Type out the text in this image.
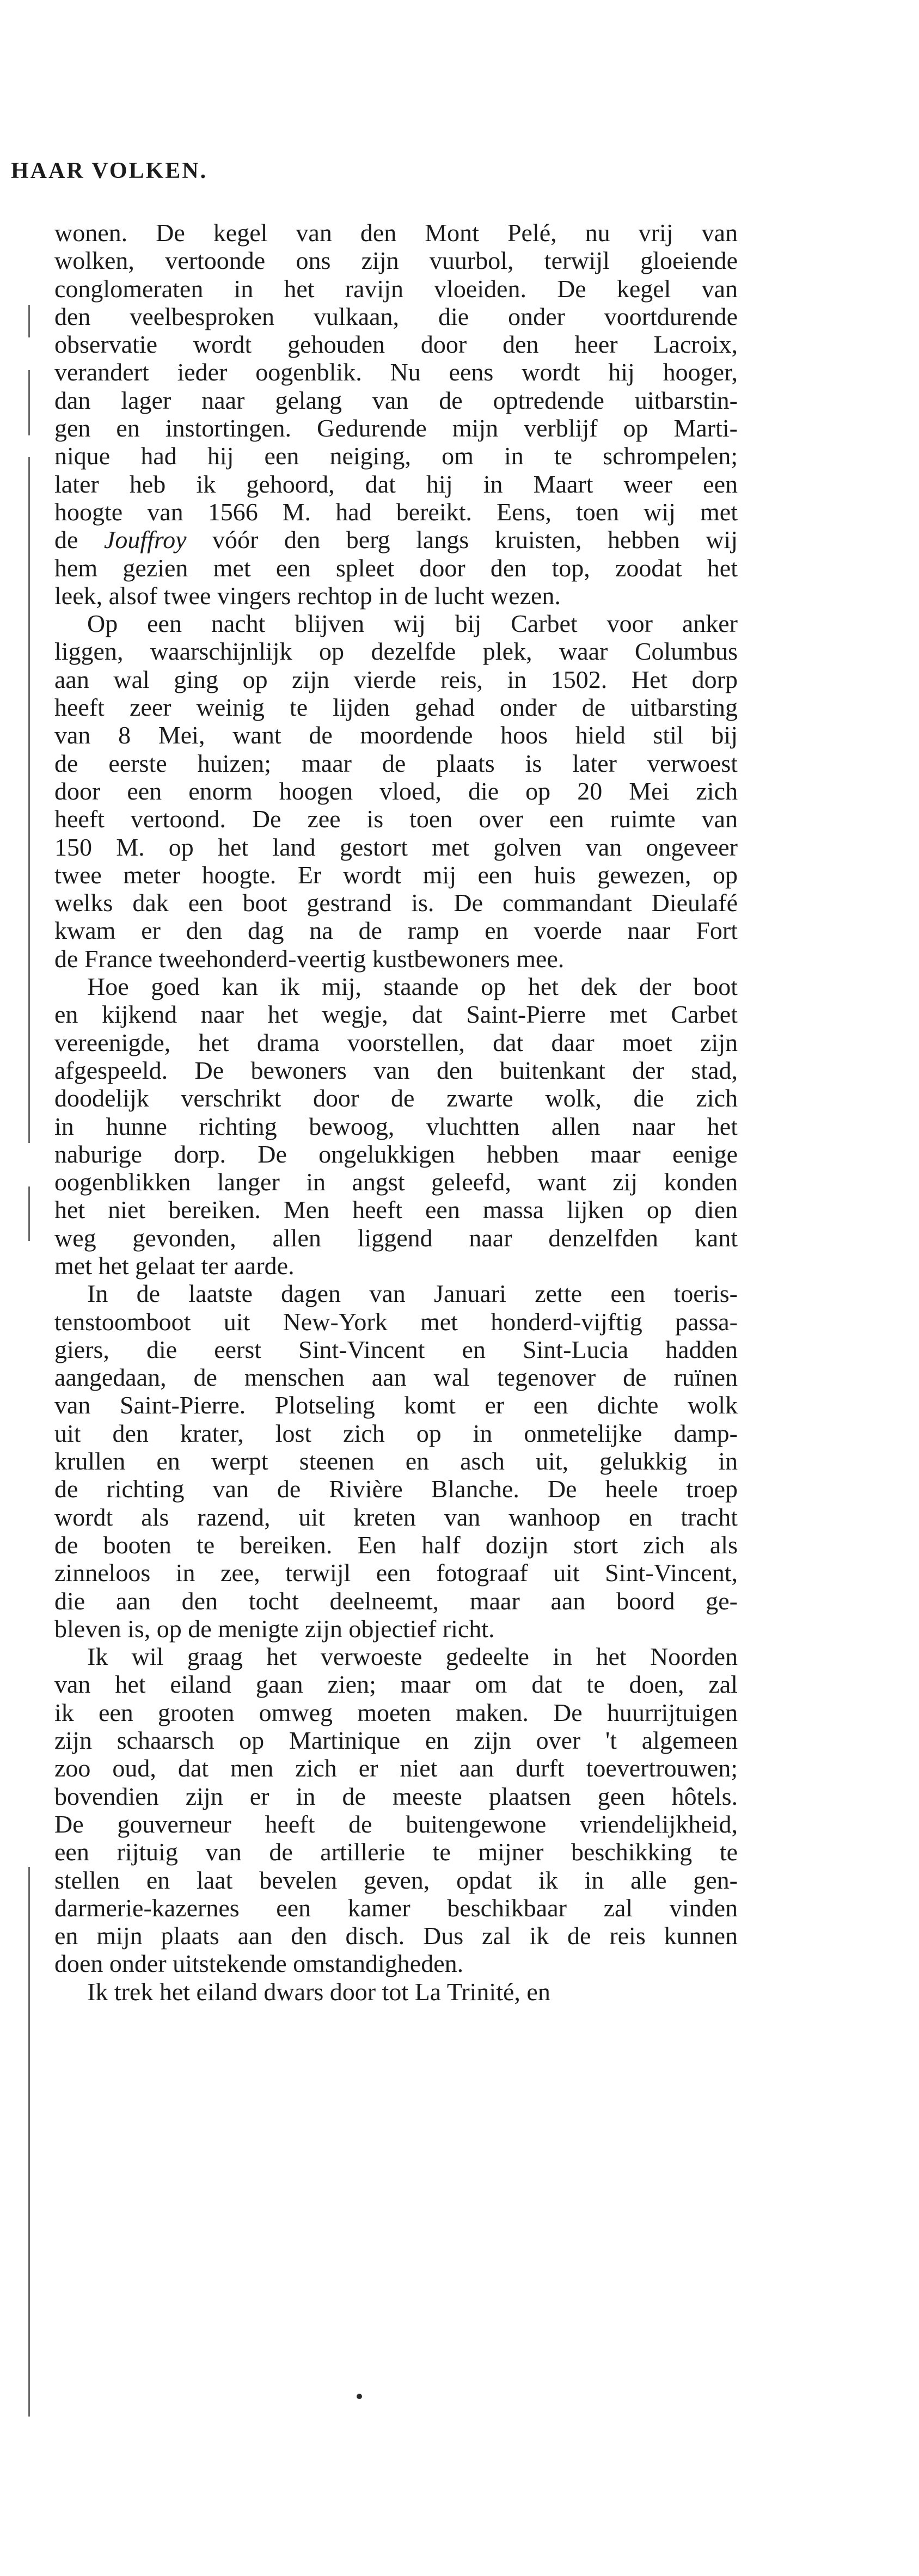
HAAR VOLKEN.
wonen. De kegel van den Mont Pelé, nu vrij van
wolken, vertoonde ons zijn vuurbol, terwijl gloeiende
conglomeraten in het ravijn vloeiden. De kegel van
den veelbesproken vulkaan, die onder voortdurende
observatie wordt gehouden door den heer Lacroix,
verandert ieder oogenblik. Nu eens wordt hij hooger,
dan lager naar gelang van de optredende uitbarstin-
gen en instortingen. Gedurende mijn verblijf op Marti-
nique had hij een neiging, om in te schrompelen;
later heb ik gehoord, dat hij in Maart weer een
hoogte van 1566 M. had bereikt. Eens, toen wij met
de Jouffroy vóór den berg langs kruisten, hebben wij
hem gezien met een spleet door den top, zoodat het
leek, alsof twee vingers rechtop in de lucht wezen.
Op een nacht blijven wij bij Carbet voor anker
liggen, waarschijnlijk op dezelfde plek, waar Columbus
aan wal ging op zijn vierde reis, in 1502. Het dorp
heeft zeer weinig te lijden gehad onder de uitbarsting
van 8 Mei, want de moordende hoos hield stil bij
de eerste huizen; maar de plaats is later verwoest
door een enorm hoogen vloed, die op 20 Mei zich
heeft vertoond. De zee is toen over een ruimte van
150 M. op het land gestort met golven van ongeveer
twee meter hoogte. Er wordt mij een huis gewezen, op
welks dak een boot gestrand is. De commandant Dieulafé
kwam er den dag na de ramp en voerde naar Fort
de France tweehonderd-veertig kustbewoners mee.
Hoe goed kan ik mij, staande op het dek der boot
en kijkend naar het wegje, dat Saint-Pierre met Carbet
vereenigde, het drama voorstellen, dat daar moet zijn
afgespeeld. De bewoners van den buitenkant der stad,
doodelijk verschrikt door de zwarte wolk, die zich
in hunne richting bewoog, vluchtten allen naar het
naburige dorp. De ongelukkigen hebben maar eenige
oogenblikken langer in angst geleefd, want zij konden
het niet bereiken. Men heeft een massa lijken op dien
weg gevonden, allen liggend naar denzelfden kant
met het gelaat ter aarde.
In de laatste dagen van Januari zette een toeris-
tenstoomboot uit New-York met honderd-vijftig passa-
giers, die eerst Sint-Vincent en Sint-Lucia hadden
aangedaan, de menschen aan wal tegenover de ruïnen
van Saint-Pierre. Plotseling komt er een dichte wolk
uit den krater, lost zich op in onmetelijke damp-
krullen en werpt steenen en asch uit, gelukkig in
de richting van de Rivière Blanche. De heele troep
wordt als razend, uit kreten van wanhoop en tracht
de booten te bereiken. Een half dozijn stort zich als
zinneloos in zee, terwijl een fotograaf uit Sint-Vincent,
die aan den tocht deelneemt, maar aan boord ge-
bleven is, op de menigte zijn objectief richt.
Ik wil graag het verwoeste gedeelte in het Noorden
van het eiland gaan zien; maar om dat te doen, zal
ik een grooten omweg moeten maken. De huurrijtuigen
zijn schaarsch op Martinique en zijn over 't algemeen
zoo oud, dat men zich er niet aan durft toevertrouwen;
bovendien zijn er in de meeste plaatsen geen hôtels.
De gouverneur heeft de buitengewone vriendelijkheid,
een rijtuig van de artillerie te mijner beschikking te
stellen en laat bevelen geven, opdat ik in alle gen-
darmerie-kazernes een kamer beschikbaar zal vinden
en mijn plaats aan den disch. Dus zal ik de reis kunnen
doen onder uitstekende omstandigheden.
Ik trek het eiland dwars door tot La Trinité, en
